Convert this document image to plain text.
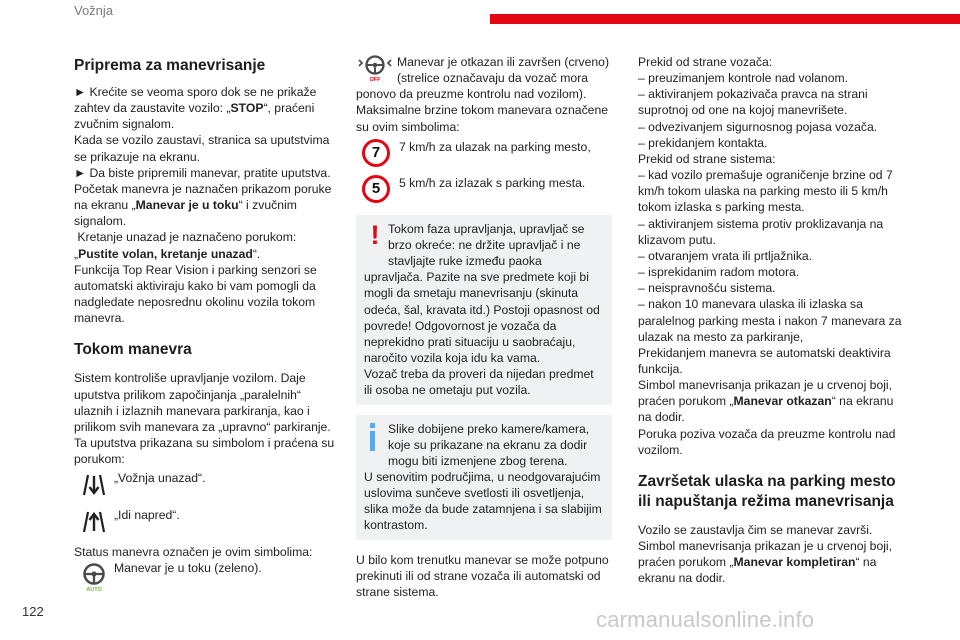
Vožnja
Priprema za manevrisanje

► Krećite se veoma sporo dok se ne prikaže zahtev da zaustavite vozilo: „STOP“, praćeni zvučnim signalom.

Kada se vozilo zaustavi, stranica sa uputstvima se prikazuje na ekranu.

► Da biste pripremili manevar, pratite uputstva.

Početak manevra je naznačen prikazom poruke na ekranu „Manevar je u toku“ i zvučnim signalom.

Kretanje unazad je naznačeno porukom: „Pustite volan, kretanje unazad“.

Funkcija Top Rear Vision i parking senzori se automatski aktiviraju kako bi vam pomogli da nadgledate neposrednu okolinu vozila tokom manevra.

Tokom manevra

Sistem kontroliše upravljanje vozilom. Daje uputstva prilikom započinjanja „paralelnih“ ulaznih i izlaznih manevara parkiranja, kao i prilikom svih manevara za „upravno“ parkiranje. Ta uputstva prikazana su simbolom i praćena su porukom:

„Vožnja unazad“.
„Idi napred“.

Status manevra označen je ovim simbolima:

AUTO
Manevar je u toku (zeleno).

OFF
Manevar je otkazan ili završen (crveno) (strelice označavaju da vozač mora ponovo da preuzme kontrolu nad vozilom).

Maksimalne brzine tokom manevara označene su ovim simbolima:

7	7 km/h za ulazak na parking mesto,
5	5 km/h za izlazak s parking mesta.
! Tokom faza upravljanja, upravljač se brzo okreće: ne držite upravljač i ne stavljajte ruke između paoka upravljača. Pazite na sve predmete koji bi mogli da smetaju manevrisanju (skinuta odeća, šal, kravata itd.) Postoji opasnost od povrede! Odgovornost je vozača da neprekidno prati situaciju u saobraćaju, naročito vozila koja idu ka vama.

Vozač treba da proveri da nijedan predmet ili osoba ne ometaju put vozila.

Slike dobijene preko kamere/kamera, koje su prikazane na ekranu za dodir mogu biti izmenjene zbog terena.

U senovitim područjima, u neodgovarajućim uslovima sunčeve svetlosti ili osvetljenja, slika može da bude zatamnjena i sa slabijim kontrastom.

U bilo kom trenutku manevar se može potpuno prekinuti ili od strane vozača ili automatski od strane sistema.

Prekid od strane vozača:

– preuzimanjem kontrole nad volanom.

– aktiviranjem pokazivača pravca na strani suprotnoj od one na kojoj manevrišete.

– odvezivanjem sigurnosnog pojasa vozača.

– prekidanjem kontakta.

Prekid od strane sistema:

– kad vozilo premašuje ograničenje brzine od 7 km/h tokom ulaska na parking mesto ili 5 km/h tokom izlaska s parking mesta.

– aktiviranjem sistema protiv proklizavanja na klizavom putu.

– otvaranjem vrata ili prtljažnika.

– isprekidanim radom motora.

– neispravnošću sistema.

– nakon 10 manevara ulaska ili izlaska sa paralelnog parking mesta i nakon 7 manevara za ulazak na mesto za parkiranje,

Prekidanjem manevra se automatski deaktivira funkcija.

Simbol manevrisanja prikazan je u crvenoj boji, praćen porukom „Manevar otkazan“ na ekranu na dodir.

Poruka poziva vozača da preuzme kontrolu nad vozilom.

Završetak ulaska na parking mesto ili napuštanja režima manevrisanja

Vozilo se zaustavlja čim se manevar završi. Simbol manevrisanja prikazan je u crvenoj boji, praćen porukom „Manevar kompletiran“ na ekranu na dodir.

122	carmanualsonline.info
